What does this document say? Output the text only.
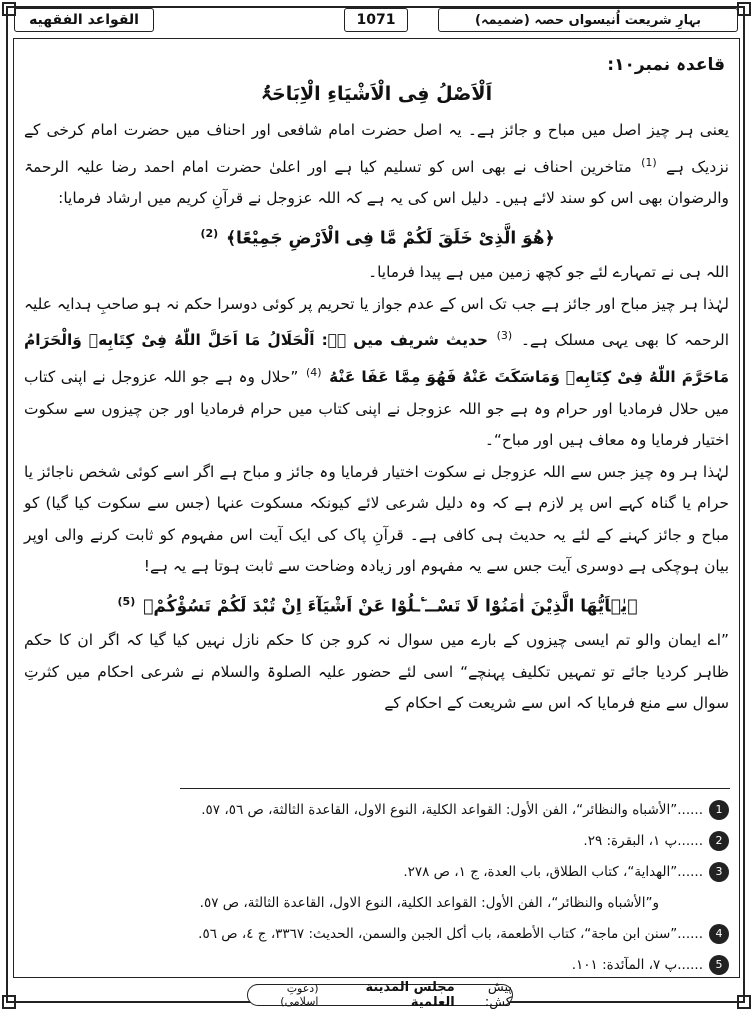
بہارِ شریعت اُنیسواں حصہ (ضمیمہ)
1071
القواعد الفقهيه
قاعدہ نمبر۱۰:
اَلْاَصْلُ فِی الْاَشْیَاءِ الْاِبَاحَۃُ

یعنی ہر چیز اصل میں مباح و جائز ہے۔ یہ اصل حضرت امام شافعی اور احناف میں حضرت امام کرخی کے نزدیک ہے $^{(1)}$ متاخرین احناف نے بھی اس کو تسلیم کیا ہے اور اعلیٰ حضرت امام احمد رضا علیہ الرحمۃ والرضوان بھی اس کو سند لائے ہیں۔ دلیل اس کی یہ ہے کہ اللہ عزوجل نے قرآنِ کریم میں ارشاد فرمایا:

﴿هُوَ الَّذِیْ خَلَقَ لَكُمْ مَّا فِی الْاَرْضِ جَمِیْعًا﴾ $^{(2)}$

اللہ ہی نے تمہارے لئے جو کچھ زمین میں ہے پیدا فرمایا۔

لہٰذا ہر چیز مباح اور جائز ہے جب تک اس کے عدم جواز یا تحریم پر کوئی دوسرا حکم نہ ہو صاحبِ ہدایہ علیہ الرحمہ کا بھی یہی مسلک ہے۔ $^{(3)}$ حدیث شریف میں ہے: اَلْحَلَالُ مَا اَحَلَّ اللّٰهُ فِیْ كِتَابِهٖ وَالْحَرَامُ مَاحَرَّمَ اللّٰهُ فِیْ كِتَابِهٖ وَمَاسَكَتَ عَنْهُ فَهُوَ مِمَّا عَفَا عَنْهُ $^{(4)}$ ”حلال وہ ہے جو اللہ عزوجل نے اپنی کتاب میں حلال فرمادیا اور حرام وہ ہے جو اللہ عزوجل نے اپنی کتاب میں حرام فرمادیا اور جن چیزوں سے سکوت اختیار فرمایا وہ معاف ہیں اور مباح“۔

لہٰذا ہر وہ چیز جس سے اللہ عزوجل نے سکوت اختیار فرمایا وہ جائز و مباح ہے اگر اسے کوئی شخص ناجائز یا حرام یا گناہ کہے اس پر لازم ہے کہ وہ دلیل شرعی لائے کیونکہ مسکوت عنہا (جس سے سکوت کیا گیا) کو مباح و جائز کہنے کے لئے یہ حدیث ہی کافی ہے۔ قرآنِ پاک کی ایک آیت اس مفہوم کو ثابت کرنے والی اوپر بیان ہوچکی ہے دوسری آیت جس سے یہ مفہوم اور زیادہ وضاحت سے ثابت ہوتا ہے یہ ہے!

﴿یٰۤاَیُّهَا الَّذِیْنَ اٰمَنُوْا لَا تَسْــٴَـلُوْا عَنْ اَشْیَآءَ اِنْ تُبْدَ لَكُمْ تَسُؤْكُمْ﴾ $^{(5)}$

”اے ایمان والو تم ایسی چیزوں کے بارے میں سوال نہ کرو جن کا حکم نازل نہیں کیا گیا کہ اگر ان کا حکم ظاہر کردیا جائے تو تمہیں تکلیف پہنچے“ اسی لئے حضور علیہ الصلوۃ والسلام نے شرعی احکام میں کثرتِ سوال سے منع فرمایا کہ اس سے شریعت کے احکام کے

1
......”الأشباه والنظائر“، الفن الأول: القواعد الكلية، النوع الاول، القاعدة الثالثة، ص ٥٦، ٥٧.
2
......پ ١، البقرة: ٢٩.
3
......”الهداية“، كتاب الطلاق، باب العدة، ج ١، ص ٢٧٨.
و”الأشباه والنظائر“، الفن الأول: القواعد الكلية، النوع الاول، القاعدة الثالثة، ص ٥٧.
4
......”سنن ابن ماجة“، كتاب الأطعمة، باب أكل الجبن والسمن، الحديث: ٣٣٦٧، ج ٤، ص ٥٦.
5
......پ ٧، المآئدة: ١٠١.
پیش کش:

مجلس المدينة العلمية

(دعوتِ اسلامی)
